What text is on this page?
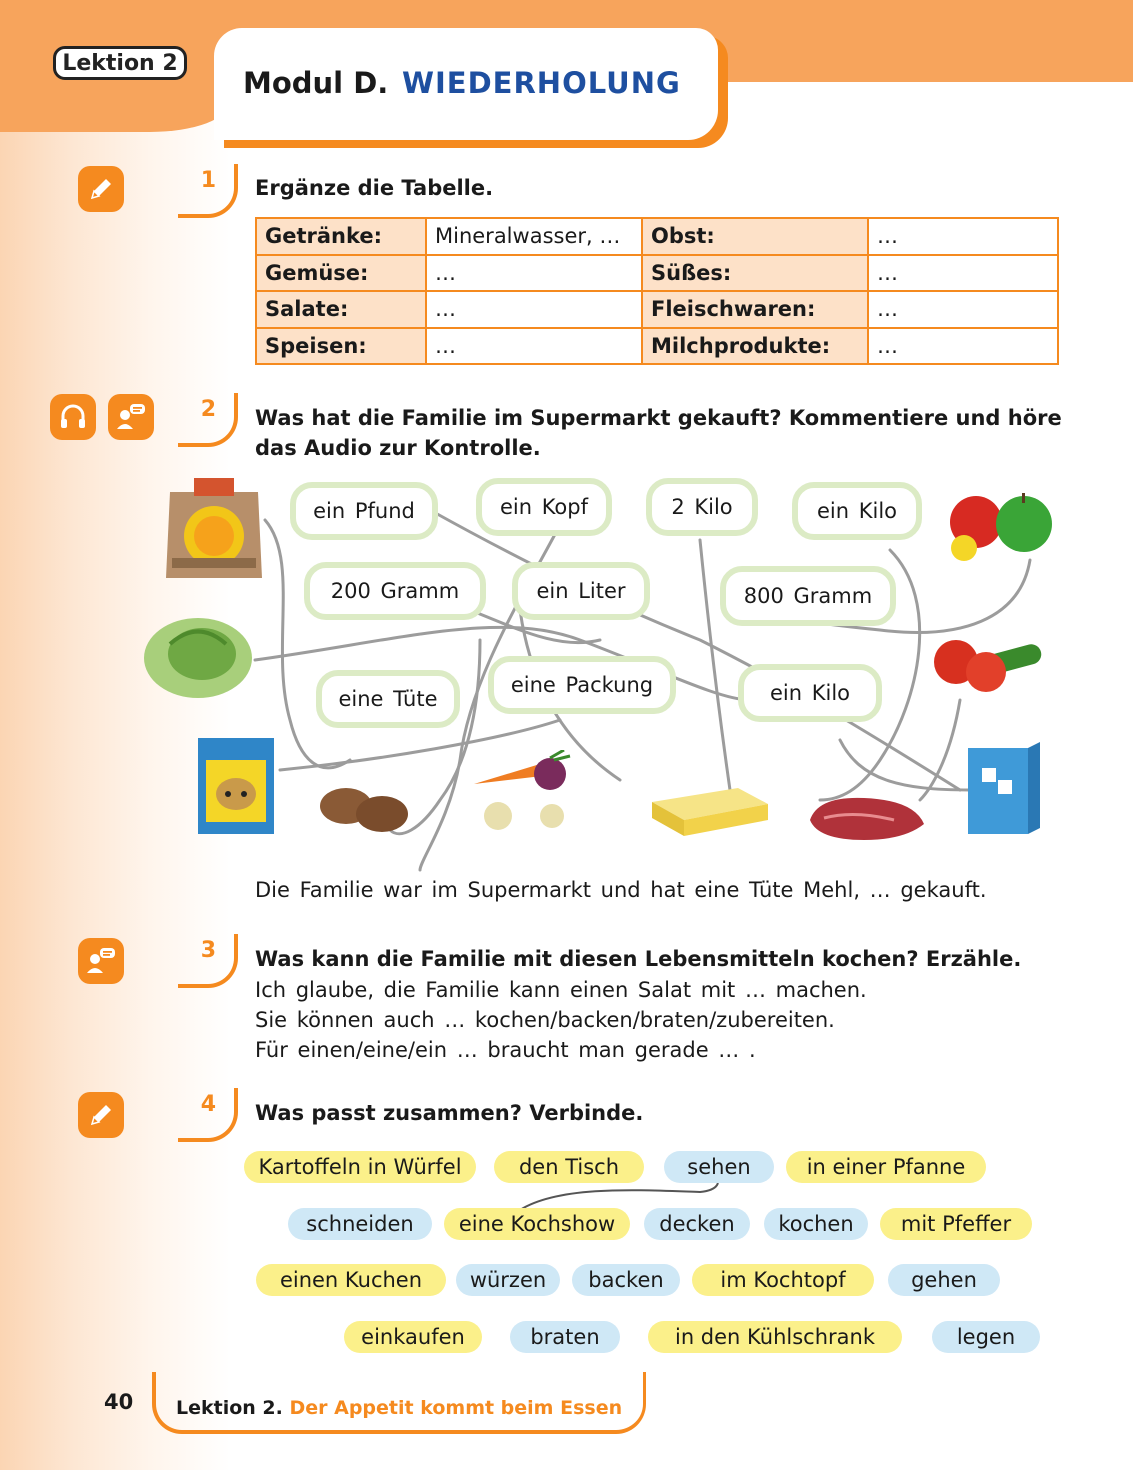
Lektion 2
Modul D. WIEDERHOLUNG
1	Ergänze die Tabelle.
Getränke:	Mineralwasser, …	Obst:	…
Gemüse:	…	Süßes:	…
Salate:	…	Fleischwaren:	…
Speisen:	…	Milchprodukte:	…
2	Was hat die Familie im Supermarkt gekauft? Kommentiere und höre
das Audio zur Kontrolle.
ein Pfund	ein Kopf	2 Kilo	ein Kilo
200 Gramm	ein Liter	800 Gramm
eine Tüte
eine Packung	ein Kilo
Die Familie war im Supermarkt und hat eine Tüte Mehl, … gekauft.
3	Was kann die Familie mit diesen Lebensmitteln kochen? Erzähle.
Ich glaube, die Familie kann einen Salat mit … machen.
Sie können auch … kochen/backen/braten/zubereiten.
Für einen/eine/ein … braucht man gerade … .
4	Was passt zusammen? Verbinde.
Kartoffeln in Würfel	den Tisch	sehen	in einer Pfanne
schneiden	eine Kochshow	decken	kochen	mit Pfeffer
einen Kuchen	würzen	backen	im Kochtopf	gehen
einkaufen	braten	in den Kühlschrank	legen
40 Lektion 2. Der Appetit kommt beim Essen
